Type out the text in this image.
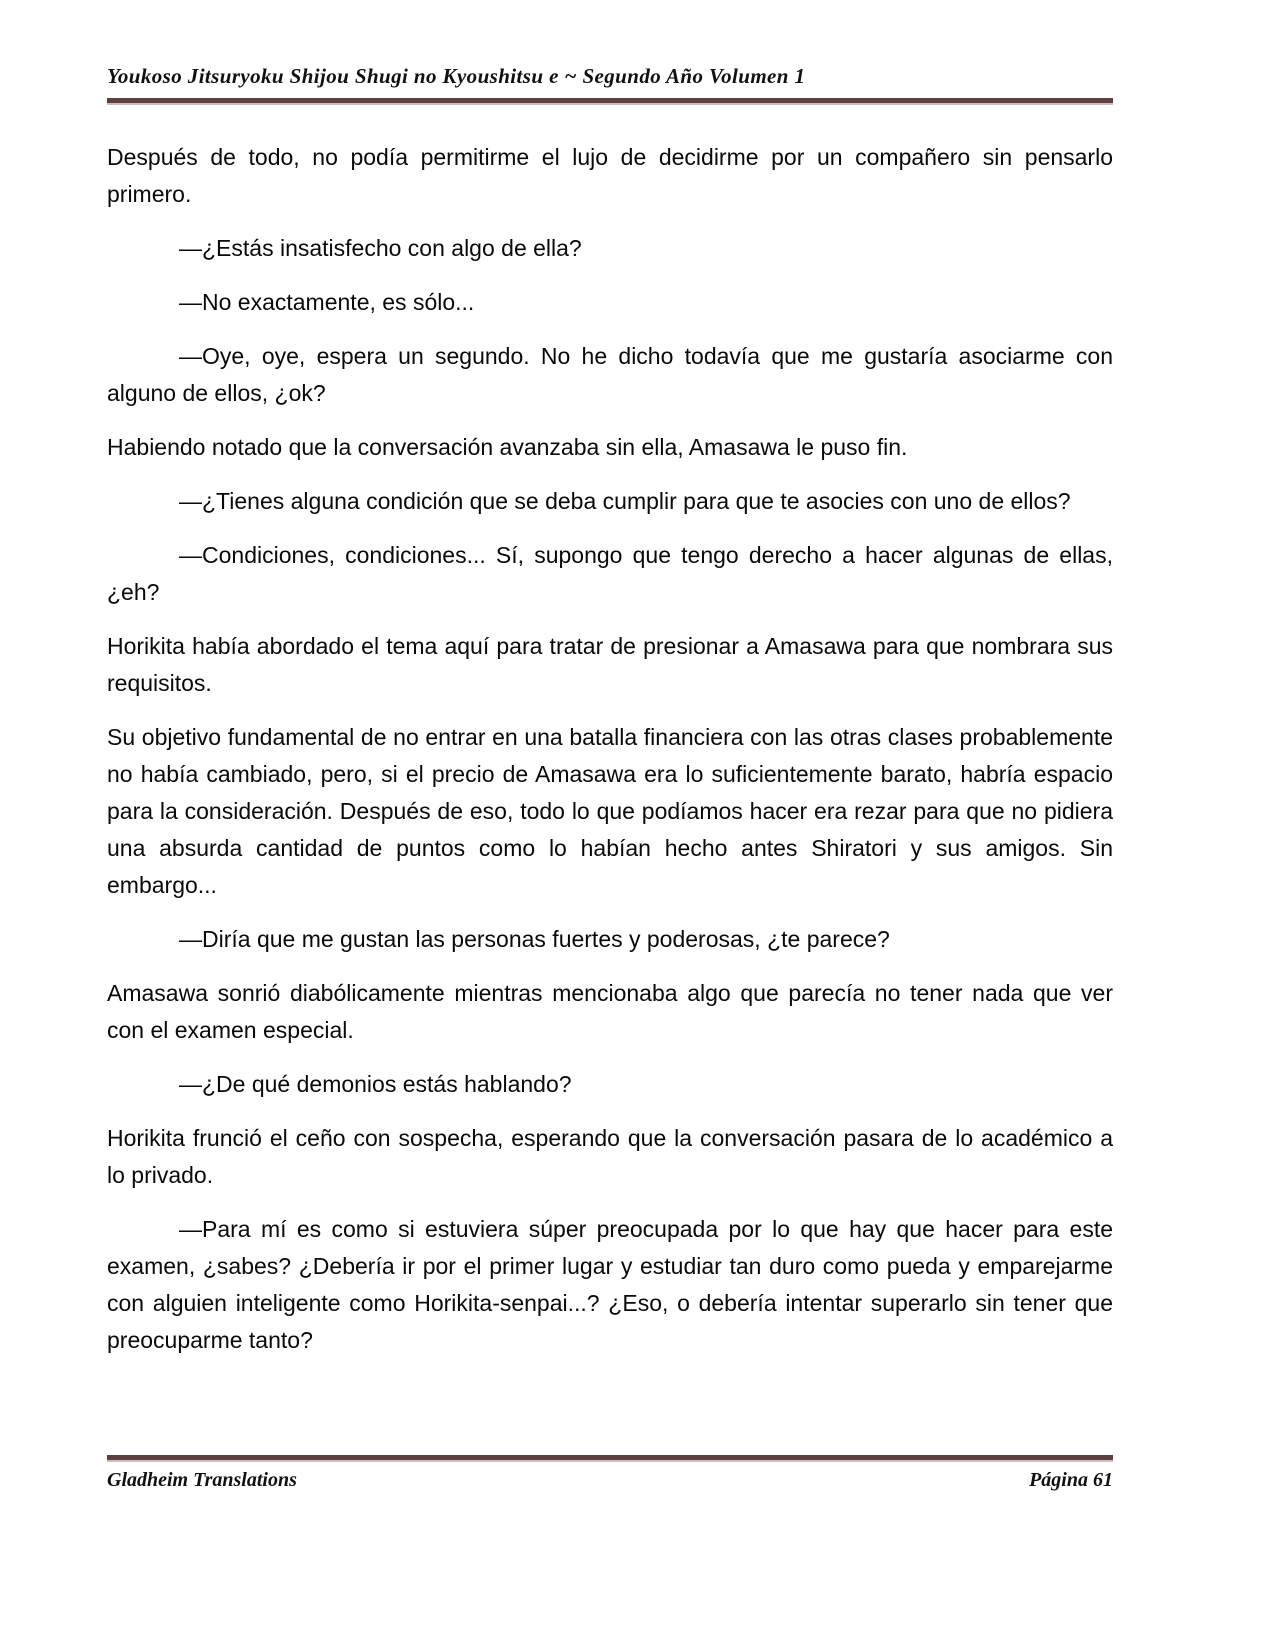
Youkoso Jitsuryoku Shijou Shugi no Kyoushitsu e ~ Segundo Año Volumen 1

Después de todo, no podía permitirme el lujo de decidirme por un compañero sin pensarlo primero.

—¿Estás insatisfecho con algo de ella?

—No exactamente, es sólo...

—Oye, oye, espera un segundo. No he dicho todavía que me gustaría asociarme con alguno de ellos, ¿ok?

Habiendo notado que la conversación avanzaba sin ella, Amasawa le puso fin.

—¿Tienes alguna condición que se deba cumplir para que te asocies con uno de ellos?

—Condiciones, condiciones... Sí, supongo que tengo derecho a hacer algunas de ellas, ¿eh?

Horikita había abordado el tema aquí para tratar de presionar a Amasawa para que nombrara sus requisitos.

Su objetivo fundamental de no entrar en una batalla financiera con las otras clases probablemente no había cambiado, pero, si el precio de Amasawa era lo suficientemente barato, habría espacio para la consideración. Después de eso, todo lo que podíamos hacer era rezar para que no pidiera una absurda cantidad de puntos como lo habían hecho antes Shiratori y sus amigos. Sin embargo...

—Diría que me gustan las personas fuertes y poderosas, ¿te parece?

Amasawa sonrió diabólicamente mientras mencionaba algo que parecía no tener nada que ver con el examen especial.

—¿De qué demonios estás hablando?

Horikita frunció el ceño con sospecha, esperando que la conversación pasara de lo académico a lo privado.

—Para mí es como si estuviera súper preocupada por lo que hay que hacer para este examen, ¿sabes? ¿Debería ir por el primer lugar y estudiar tan duro como pueda y emparejarme con alguien inteligente como Horikita-senpai...? ¿Eso, o debería intentar superarlo sin tener que preocuparme tanto?

Gladheim Translations	Página 61
